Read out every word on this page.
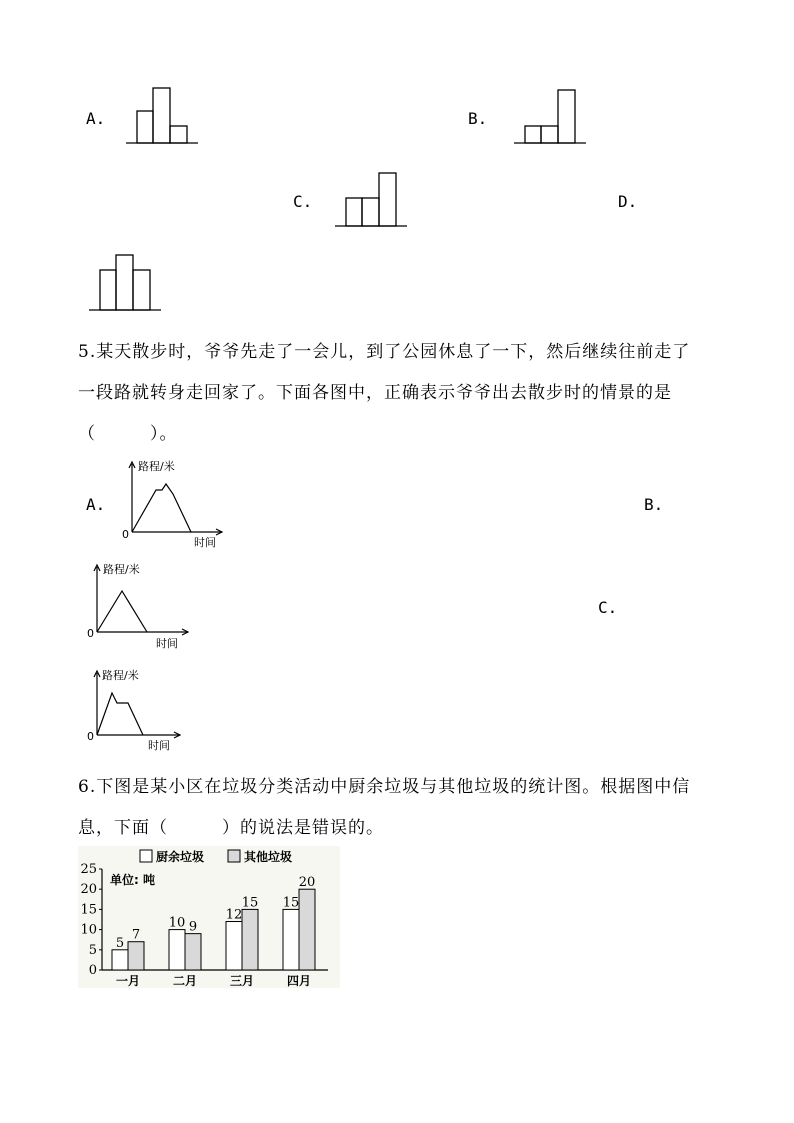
A.	B.
C.	D.
5.某天散步时，爷爷先走了一会儿，到了公园休息了一下，然后继续往前走了
一段路就转身走回家了。下面各图中，正确表示爷爷出去散步时的情景的是
（　　　）。
A.
路程/米
0
时间
B.
路程/米
0
时间
C.
路程/米
0
时间
6.下图是某小区在垃圾分类活动中厨余垃圾与其他垃圾的统计图。根据图中信
息，下面（　　　）的说法是错误的。
厨余垃圾	其他垃圾
单位: 吨
0
5
10
15
20
25
5
7
一月
10 9
二月
12
15
三月
15
20
四月
